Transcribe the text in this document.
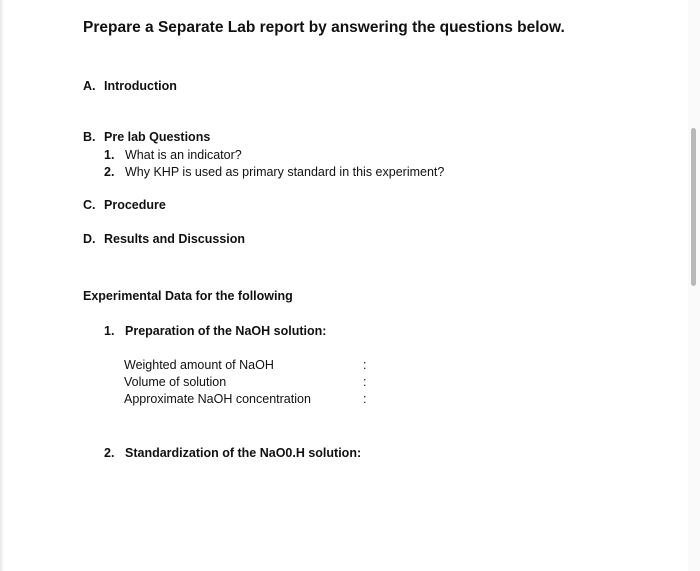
Prepare a Separate Lab report by answering the questions below.
A. Introduction
B. Pre lab Questions
1. What is an indicator?
2. Why KHP is used as primary standard in this experiment?
C. Procedure
D. Results and Discussion
Experimental Data for the following
1. Preparation of the NaOH solution:
Weighted amount of NaOH	:
Volume of solution	:
Approximate NaOH concentration	:
2. Standardization of the NaO0.H solution:
